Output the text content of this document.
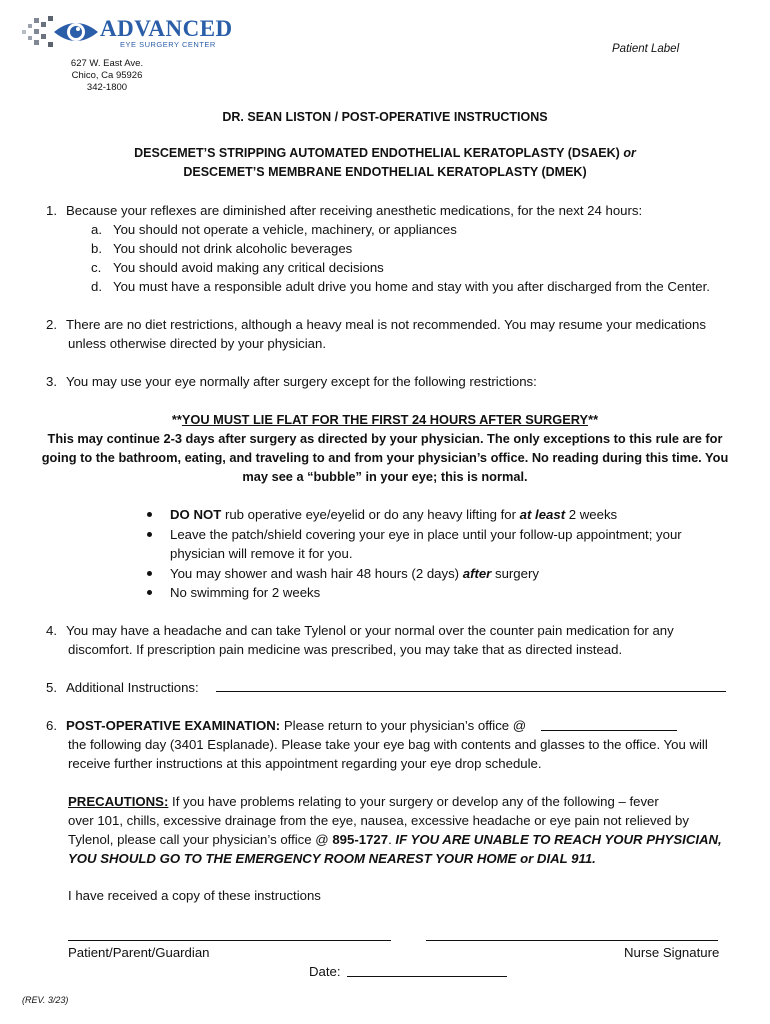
ADVANCED
EYE SURGERY CENTER
627 W. East Ave.
Chico, Ca 95926
342-1800
Patient Label
DR. SEAN LISTON / POST-OPERATIVE INSTRUCTIONS
DESCEMET’S STRIPPING AUTOMATED ENDOTHELIAL KERATOPLASTY (DSAEK) or
DESCEMET’S MEMBRANE ENDOTHELIAL KERATOPLASTY (DMEK)
1. Because your reflexes are diminished after receiving anesthetic medications, for the next 24 hours:
a. You should not operate a vehicle, machinery, or appliances
b. You should not drink alcoholic beverages
c. You should avoid making any critical decisions
d. You must have a responsible adult drive you home and stay with you after discharged from the Center.
2. There are no diet restrictions, although a heavy meal is not recommended. You may resume your medications
unless otherwise directed by your physician.
3. You may use your eye normally after surgery except for the following restrictions:
**YOU MUST LIE FLAT FOR THE FIRST 24 HOURS AFTER SURGERY**
This may continue 2-3 days after surgery as directed by your physician. The only exceptions to this rule are for
going to the bathroom, eating, and traveling to and from your physician’s office. No reading during this time. You
may see a “bubble” in your eye; this is normal.
DO NOT rub operative eye/eyelid or do any heavy lifting for at least 2 weeks
Leave the patch/shield covering your eye in place until your follow-up appointment; your
physician will remove it for you.
You may shower and wash hair 48 hours (2 days) after surgery
No swimming for 2 weeks
4. You may have a headache and can take Tylenol or your normal over the counter pain medication for any
discomfort. If prescription pain medicine was prescribed, you may take that as directed instead.
5. Additional Instructions:
6. POST-OPERATIVE EXAMINATION: Please return to your physician’s office @
the following day (3401 Esplanade). Please take your eye bag with contents and glasses to the office. You will
receive further instructions at this appointment regarding your eye drop schedule.
PRECAUTIONS: If you have problems relating to your surgery or develop any of the following – fever
over 101, chills, excessive drainage from the eye, nausea, excessive headache or eye pain not relieved by
Tylenol, please call your physician’s office @ 895-1727. IF YOU ARE UNABLE TO REACH YOUR PHYSICIAN,
YOU SHOULD GO TO THE EMERGENCY ROOM NEAREST YOUR HOME or DIAL 911.
I have received a copy of these instructions
Patient/Parent/Guardian	Nurse Signature
Date:
(REV. 3/23)
